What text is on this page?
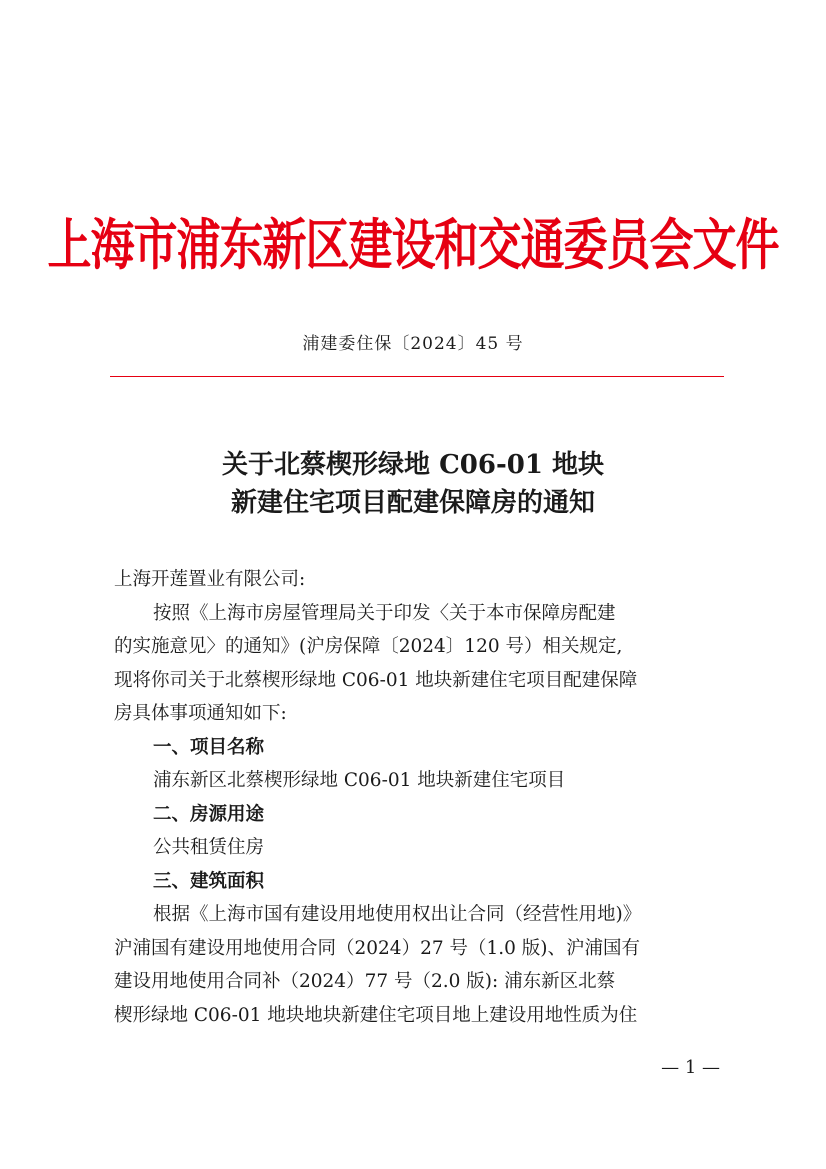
上海市浦东新区建设和交通委员会文件
浦建委住保〔2024〕45 号
关于北蔡楔形绿地 C06-01 地块
新建住宅项目配建保障房的通知

上海开莲置业有限公司:

按照《上海市房屋管理局关于印发〈关于本市保障房配建

的实施意见〉的通知》(沪房保障〔2024〕120 号）相关规定,

现将你司关于北蔡楔形绿地 C06-01 地块新建住宅项目配建保障

房具体事项通知如下:

一、项目名称

浦东新区北蔡楔形绿地 C06-01 地块新建住宅项目

二、房源用途

公共租赁住房

三、建筑面积

根据《上海市国有建设用地使用权出让合同（经营性用地)》

沪浦国有建设用地使用合同（2024）27 号（1.0 版)、沪浦国有

建设用地使用合同补（2024）77 号（2.0 版): 浦东新区北蔡

楔形绿地 C06-01 地块地块新建住宅项目地上建设用地性质为住

— 1 —
